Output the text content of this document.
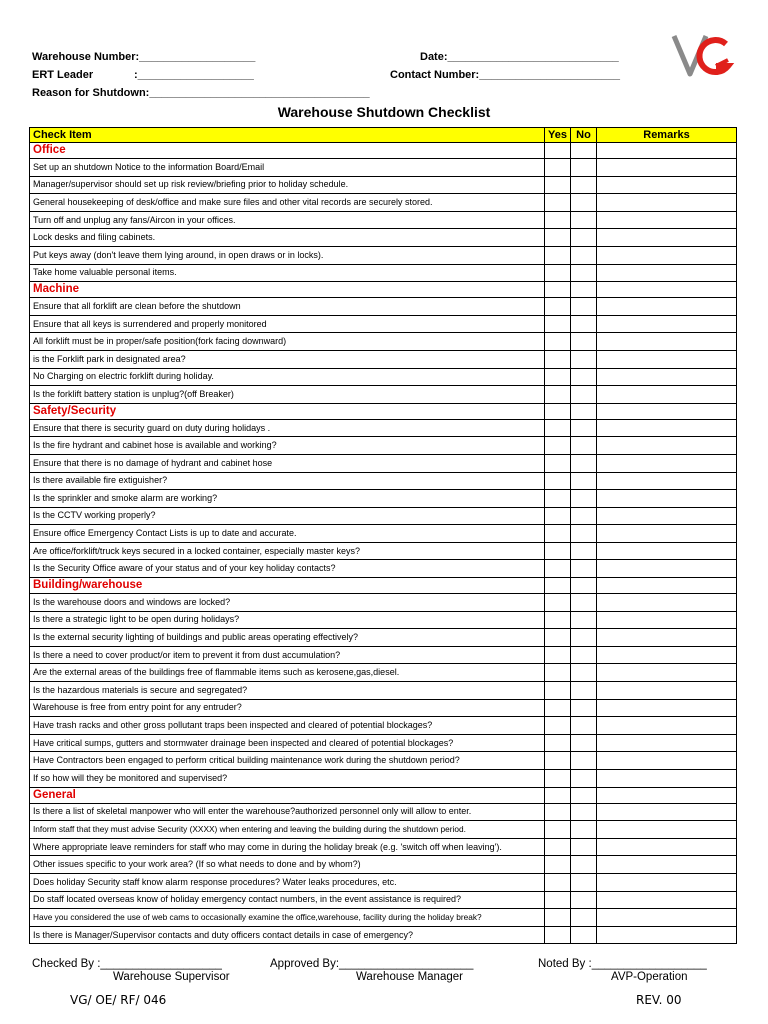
Warehouse Number:___________________	Date:____________________________
ERT Leader	:___________________	Contact Number:_______________________
Reason for Shutdown:____________________________________
Warehouse Shutdown Checklist
Check Item	Yes	No	Remarks
Office			
Set up an shutdown Notice to the information Board/Email			
Manager/supervisor should set up risk review/briefing prior to holiday schedule.			
General housekeeping of desk/office and make sure files and other vital records are securely stored.			
Turn off and unplug any fans/Aircon in your offices.			
Lock desks and filing cabinets.			
Put keys away (don't leave them lying around, in open draws or in locks).			
Take home valuable personal items.			
Machine			
Ensure that all forklift are clean before the shutdown			
Ensure that all keys is surrendered and properly monitored			
All forklift must be in proper/safe position(fork facing downward)			
is the Forklift park in designated area?			
No Charging on electric forklift during holiday.			
Is the forklift battery station is unplug?(off Breaker)			
Safety/Security			
Ensure that there is security guard on duty during holidays .			
Is the fire hydrant and cabinet hose is available and working?			
Ensure that there is no damage of hydrant and cabinet hose			
Is there available fire extiguisher?			
Is the sprinkler and smoke alarm are working?			
Is the CCTV working properly?			
Ensure office Emergency Contact Lists is up to date and accurate.			
Are office/forklift/truck keys secured in a locked container, especially master keys?			
Is the Security Office aware of your status and of your key holiday contacts?			
Building/warehouse			
Is the warehouse doors and windows are locked?			
Is there a strategic light to be open during holidays?			
Is the external security lighting of buildings and public areas operating effectively?			
Is there a need to cover product/or item to prevent it from dust accumulation?			
Are the external areas of the buildings free of flammable items such as kerosene,gas,diesel.			
Is the hazardous materials is secure and segregated?			
Warehouse is free from entry point for any entruder?			
Have trash racks and other gross pollutant traps been inspected and cleared of potential blockages?			
Have critical sumps, gutters and stormwater drainage been inspected and cleared of potential blockages?			
Have Contractors been engaged to perform critical building maintenance work during the shutdown period?			
If so how will they be monitored and supervised?			
General			
Is there a list of skeletal manpower who will enter the warehouse?authorized personnel only will allow to enter.			
Inform staff that they must advise Security (XXXX) when entering and leaving the building during the shutdown period.			
Where appropriate leave reminders for staff who may come in during the holiday break (e.g. 'switch off when leaving').			
Other issues specific to your work area? (If so what needs to done and by whom?)			
Does holiday Security staff know alarm response procedures? Water leaks procedures, etc.			
Do staff located overseas know of holiday emergency contact numbers, in the event assistance is required?			
Have you considered the use of web cams to occasionally examine the office,warehouse, facility during the holiday break?			
Is there is Manager/Supervisor contacts and duty officers contact details in case of emergency?			
Checked By :___________________
Warehouse Supervisor
Approved By:_____________________
Warehouse Manager
Noted By :__________________
AVP-Operation
VG/ OE/ RF/ 046	REV. 00
